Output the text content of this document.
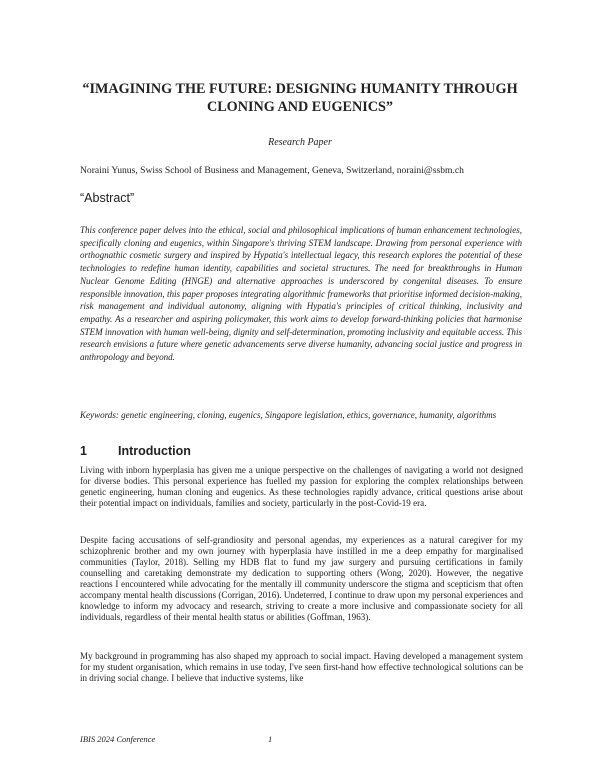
“IMAGINING THE FUTURE: DESIGNING HUMANITY THROUGH CLONING AND EUGENICS”
Research Paper
Noraini Yunus, Swiss School of Business and Management, Geneva, Switzerland, noraini@ssbm.ch
“Abstract”

This conference paper delves into the ethical, social and philosophical implications of human enhancement technologies, specifically cloning and eugenics, within Singapore's thriving STEM landscape. Drawing from personal experience with orthognathic cosmetic surgery and inspired by Hypatia's intellectual legacy, this research explores the potential of these technologies to redefine human identity, capabilities and societal structures. The need for breakthroughs in Human Nuclear Genome Editing (HNGE) and alternative approaches is underscored by congenital diseases. To ensure responsible innovation, this paper proposes integrating algorithmic frameworks that prioritise informed decision-making, risk management and individual autonomy, aligning with Hypatia's principles of critical thinking, inclusivity and empathy. As a researcher and aspiring policymaker, this work aims to develop forward-thinking policies that harmonise STEM innovation with human well-being, dignity and self-determination, promoting inclusivity and equitable access. This research envisions a future where genetic advancements serve diverse humanity, advancing social justice and progress in anthropology and beyond.

Keywords: genetic engineering, cloning, eugenics, Singapore legislation, ethics, governance, humanity, algorithms

1 Introduction

Living with inborn hyperplasia has given me a unique perspective on the challenges of navigating a world not designed for diverse bodies. This personal experience has fuelled my passion for exploring the complex relationships between genetic engineering, human cloning and eugenics. As these technologies rapidly advance, critical questions arise about their potential impact on individuals, families and society, particularly in the post-Covid-19 era.

Despite facing accusations of self-grandiosity and personal agendas, my experiences as a natural caregiver for my schizophrenic brother and my own journey with hyperplasia have instilled in me a deep empathy for marginalised communities (Taylor, 2018). Selling my HDB flat to fund my jaw surgery and pursuing certifications in family counselling and caretaking demonstrate my dedication to supporting others (Wong, 2020). However, the negative reactions I encountered while advocating for the mentally ill community underscore the stigma and scepticism that often accompany mental health discussions (Corrigan, 2016). Undeterred, I continue to draw upon my personal experiences and knowledge to inform my advocacy and research, striving to create a more inclusive and compassionate society for all individuals, regardless of their mental health status or abilities (Goffman, 1963).

My background in programming has also shaped my approach to social impact. Having developed a management system for my student organisation, which remains in use today, I've seen first-hand how effective technological solutions can be in driving social change. I believe that inductive systems, like

IBIS 2024 Conference	1
